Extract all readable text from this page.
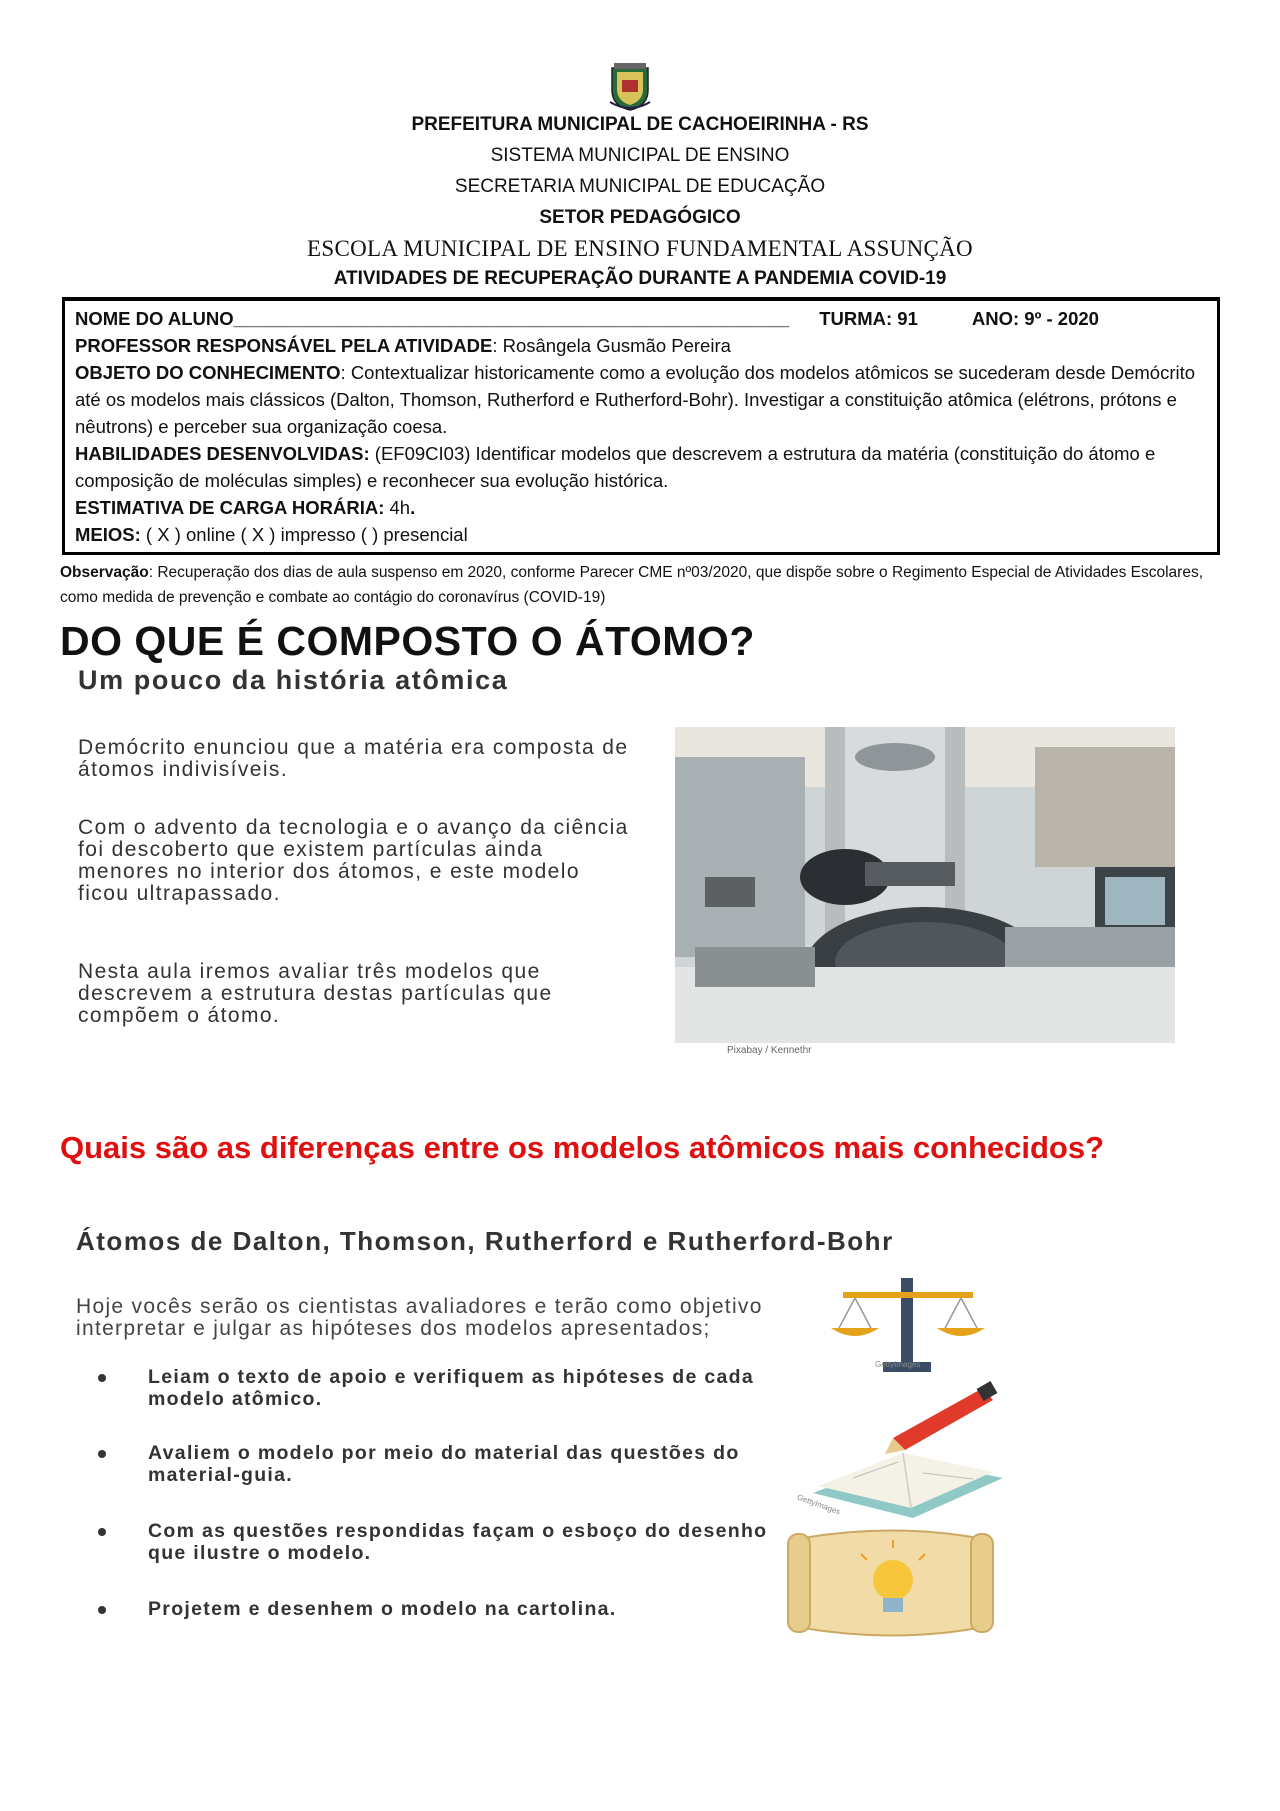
PREFEITURA MUNICIPAL DE CACHOEIRINHA - RS
SISTEMA MUNICIPAL DE ENSINO
SECRETARIA MUNICIPAL DE EDUCAÇÃO
SETOR PEDAGÓGICO
ESCOLA MUNICIPAL DE ENSINO FUNDAMENTAL ASSUNÇÃO
ATIVIDADES DE RECUPERAÇÃO DURANTE A PANDEMIA COVID-19

NOME DO ALUNO______________________________________________________ TURMA: 91	ANO: 9º - 2020

PROFESSOR RESPONSÁVEL PELA ATIVIDADE: Rosângela Gusmão Pereira

OBJETO DO CONHECIMENTO: Contextualizar historicamente como a evolução dos modelos atômicos se sucederam desde Demócrito até os modelos mais clássicos (Dalton, Thomson, Rutherford e Rutherford-Bohr). Investigar a constituição atômica (elétrons, prótons e nêutrons) e perceber sua organização coesa.

HABILIDADES DESENVOLVIDAS: (EF09CI03) Identificar modelos que descrevem a estrutura da matéria (constituição do átomo e composição de moléculas simples) e reconhecer sua evolução histórica.

ESTIMATIVA DE CARGA HORÁRIA: 4h.

MEIOS: ( X ) online ( X ) impresso ( ) presencial

Observação: Recuperação dos dias de aula suspenso em 2020, conforme Parecer CME nº03/2020, que dispõe sobre o Regimento Especial de Atividades Escolares, como medida de prevenção e combate ao contágio do coronavírus (COVID-19)
DO QUE É COMPOSTO O ÁTOMO?
Um pouco da história atômica

Demócrito enunciou que a matéria era composta de átomos indivisíveis.

Com o advento da tecnologia e o avanço da ciência foi descoberto que existem partículas ainda menores no interior dos átomos, e este modelo ficou ultrapassado.

Nesta aula iremos avaliar três modelos que descrevem a estrutura destas partículas que compõem o átomo.

Pixabay / Kennethr
Quais são as diferenças entre os modelos atômicos mais conhecidos?
Átomos de Dalton, Thomson, Rutherford e Rutherford-Bohr
Hoje vocês serão os cientistas avaliadores e terão como objetivo interpretar e julgar as hipóteses dos modelos apresentados;
Leiam o texto de apoio e verifiquem as hipóteses de cada modelo atômico.
Avaliem o modelo por meio do material das questões do material-guia.
Com as questões respondidas façam o esboço do desenho que ilustre o modelo.
Projetem e desenhem o modelo na cartolina.
GettyImages
GettyImages
